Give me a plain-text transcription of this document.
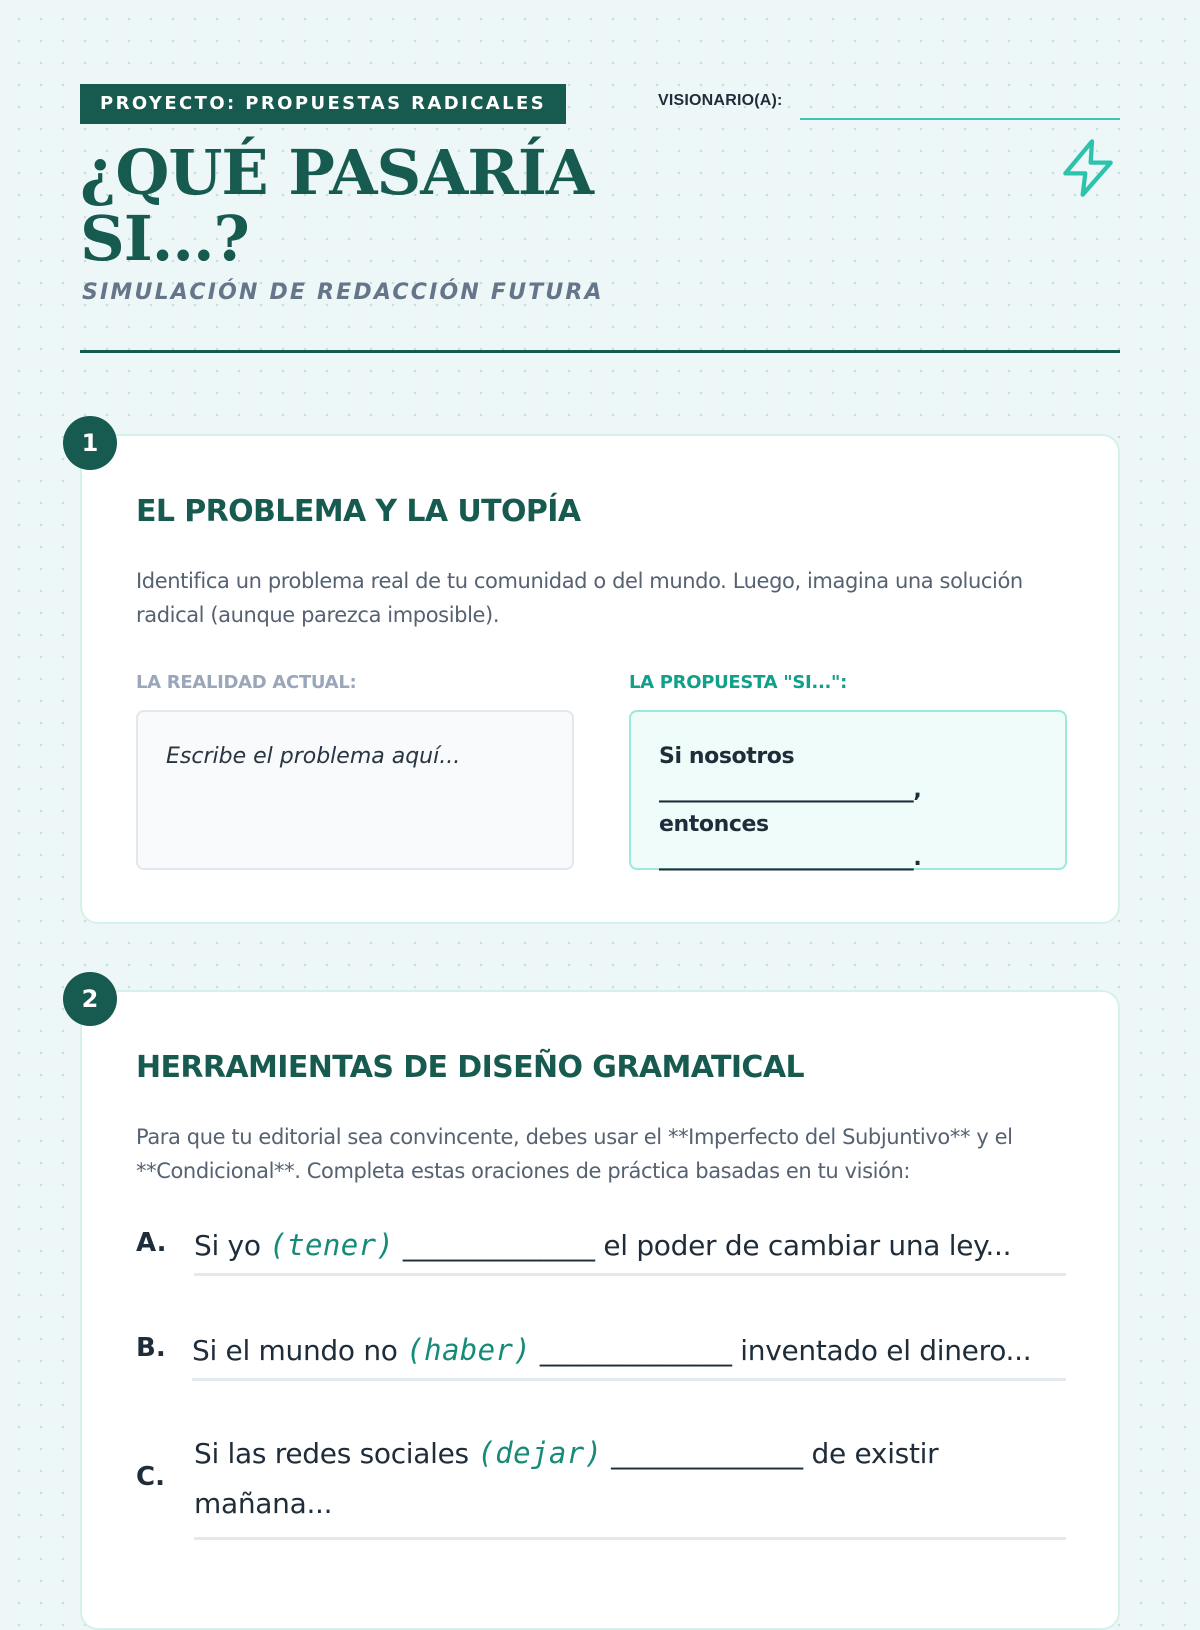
PROYECTO: PROPUESTAS RADICALES	VISIONARIO(A):
¿QUÉ PASARÍA SI...?
SIMULACIÓN DE REDACCIÓN FUTURA
1
EL PROBLEMA Y LA UTOPÍA

Identifica un problema real de tu comunidad o del mundo. Luego, imagina una solución radical (aunque parezca imposible).

LA REALIDAD ACTUAL:	LA PROPUESTA "SI...":
Escribe el problema aquí...	Si nosotros ________________________, entonces ________________________.
2
HERRAMIENTAS DE DISEÑO GRAMATICAL

Para que tu editorial sea convincente, debes usar el **Imperfecto del Subjuntivo** y el **Condicional**. Completa estas oraciones de práctica basadas en tu visión:

A. Si yo (tener) ______________ el poder de cambiar una ley...
B. Si el mundo no (haber) ______________ inventado el dinero...
C.
Si las redes sociales (dejar) ______________ de existir mañana...
